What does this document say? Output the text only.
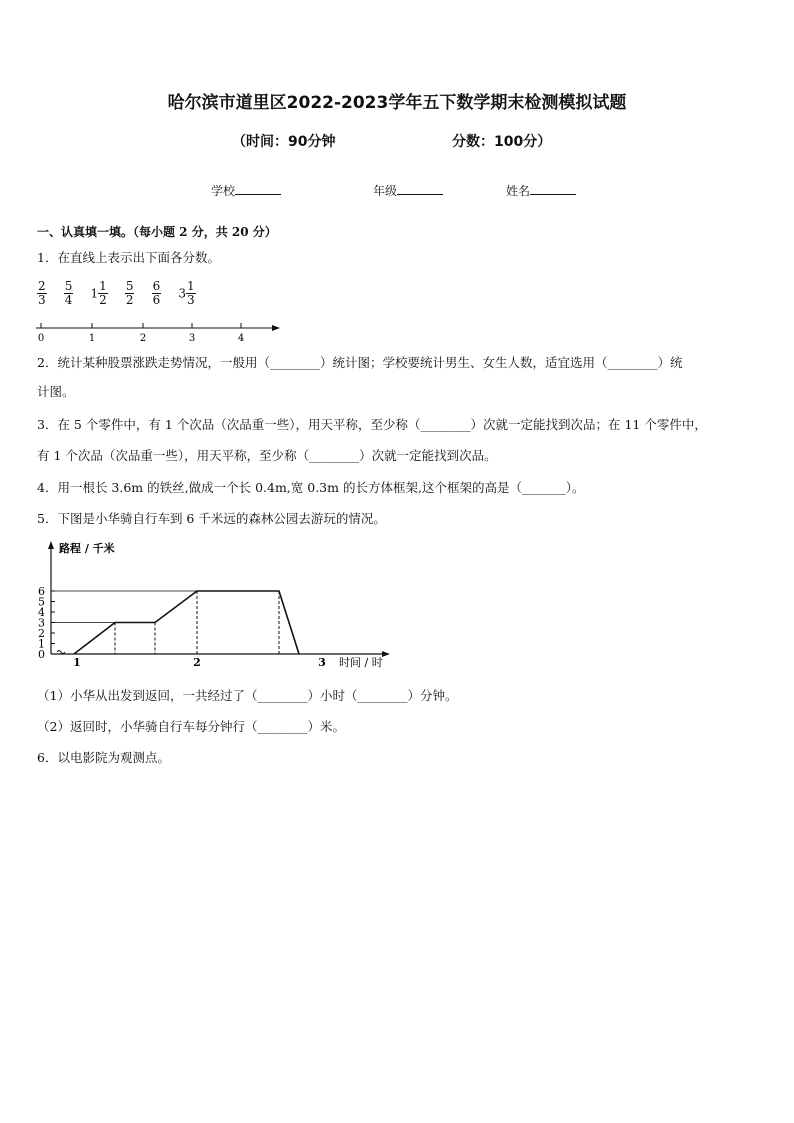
哈尔滨市道里区2022-2023学年五下数学期末检测模拟试题
（时间：90分钟	分数：100分）
学校	年级	姓名
一、认真填一填。（每小题 2 分，共 20 分）
1．在直线上表示出下面各分数。
$\frac{2}{3}$
$\frac{5}{4} 1 \frac{1}{2}$
$\frac{5}{2}$
$\frac{6}{6} 3 \frac{1}{3}$
0	1	2	3	4
2．统计某种股票涨跌走势情况，一般用（________）统计图；学校要统计男生、女生人数，适宜选用（________）统
计图。
3．在 5 个零件中，有 1 个次品（次品重一些），用天平称，至少称（________）次就一定能找到次品；在 11 个零件中，
有 1 个次品（次品重一些），用天平称，至少称（________）次就一定能找到次品。
4．用一根长 3.6m 的铁丝,做成一个长 0.4m,宽 0.3m 的长方体框架,这个框架的高是（_______）。
5．下图是小华骑自行车到 6 千米远的森林公园去游玩的情况。
路程 / 千米
时间 / 时
0
1
2
3
4
5
6
1	2	3
（1）小华从出发到返回，一共经过了（________）小时（________）分钟。
（2）返回时，小华骑自行车每分钟行（________）米。
6．以电影院为观测点。
